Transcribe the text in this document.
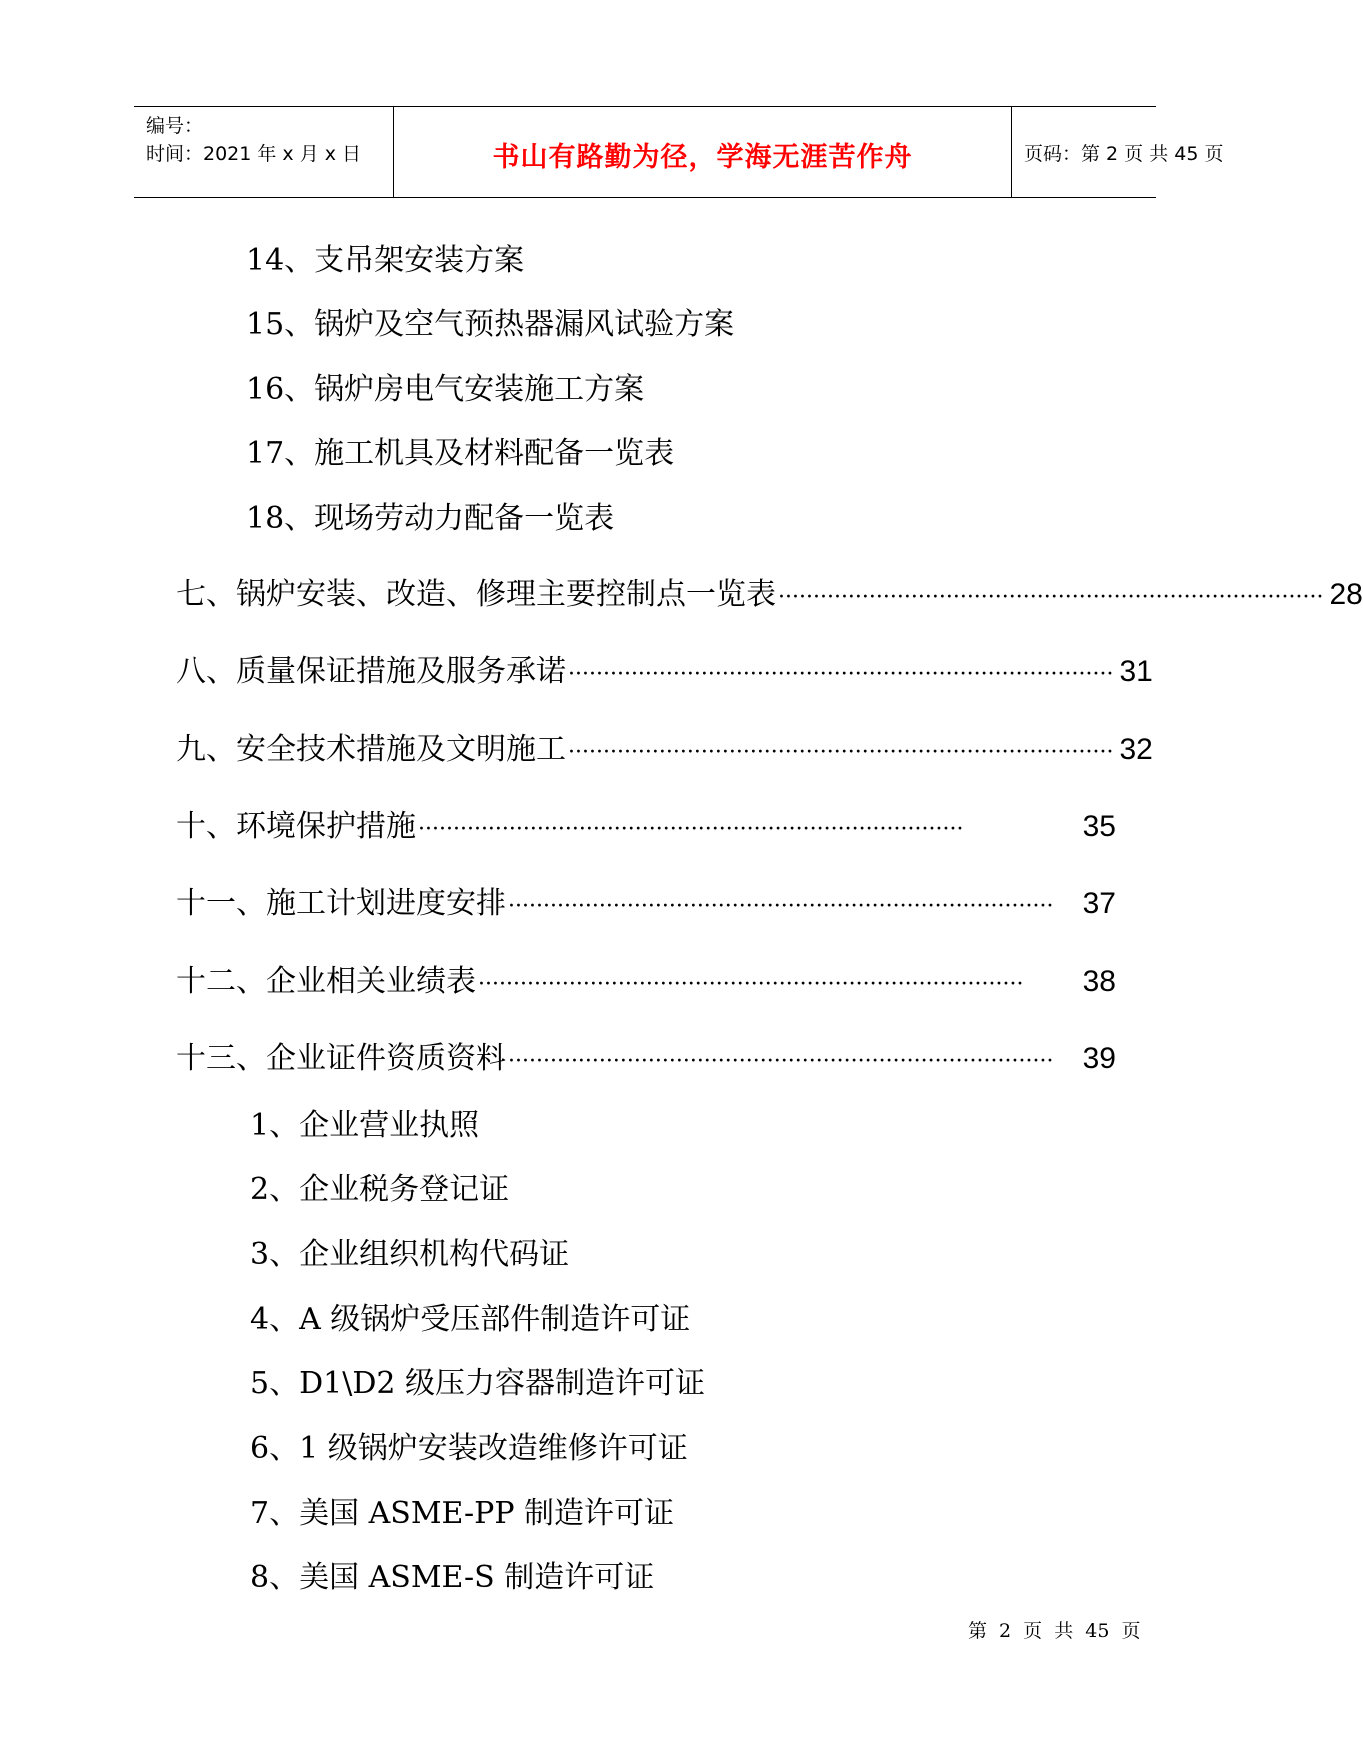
编号：
时间：2021 年 x 月 x 日	书山有路勤为径，学海无涯苦作舟	页码：第 2 页 共 45 页
14、支吊架安装方案
15、锅炉及空气预热器漏风试验方案
16、锅炉房电气安装施工方案
17、施工机具及材料配备一览表
18、现场劳动力配备一览表
七、锅炉安装、改造、修理主要控制点一览表 ·············································································· 28
八、质量保证措施及服务承诺 ·············································································· 31
九、安全技术措施及文明施工 ·············································································· 32
十、环境保护措施 ··············································································	35
十一、施工计划进度安排 ·············································································· 37
十二、企业相关业绩表 ··············································································	38
十三、企业证件资质资料 ·············································································· 39
1、企业营业执照
2、企业税务登记证
3、企业组织机构代码证
4、A 级锅炉受压部件制造许可证
5、D1\D2 级压力容器制造许可证
6、1 级锅炉安装改造维修许可证
7、美国 ASME-PP 制造许可证
8、美国 ASME-S 制造许可证
第 2 页 共 45 页
